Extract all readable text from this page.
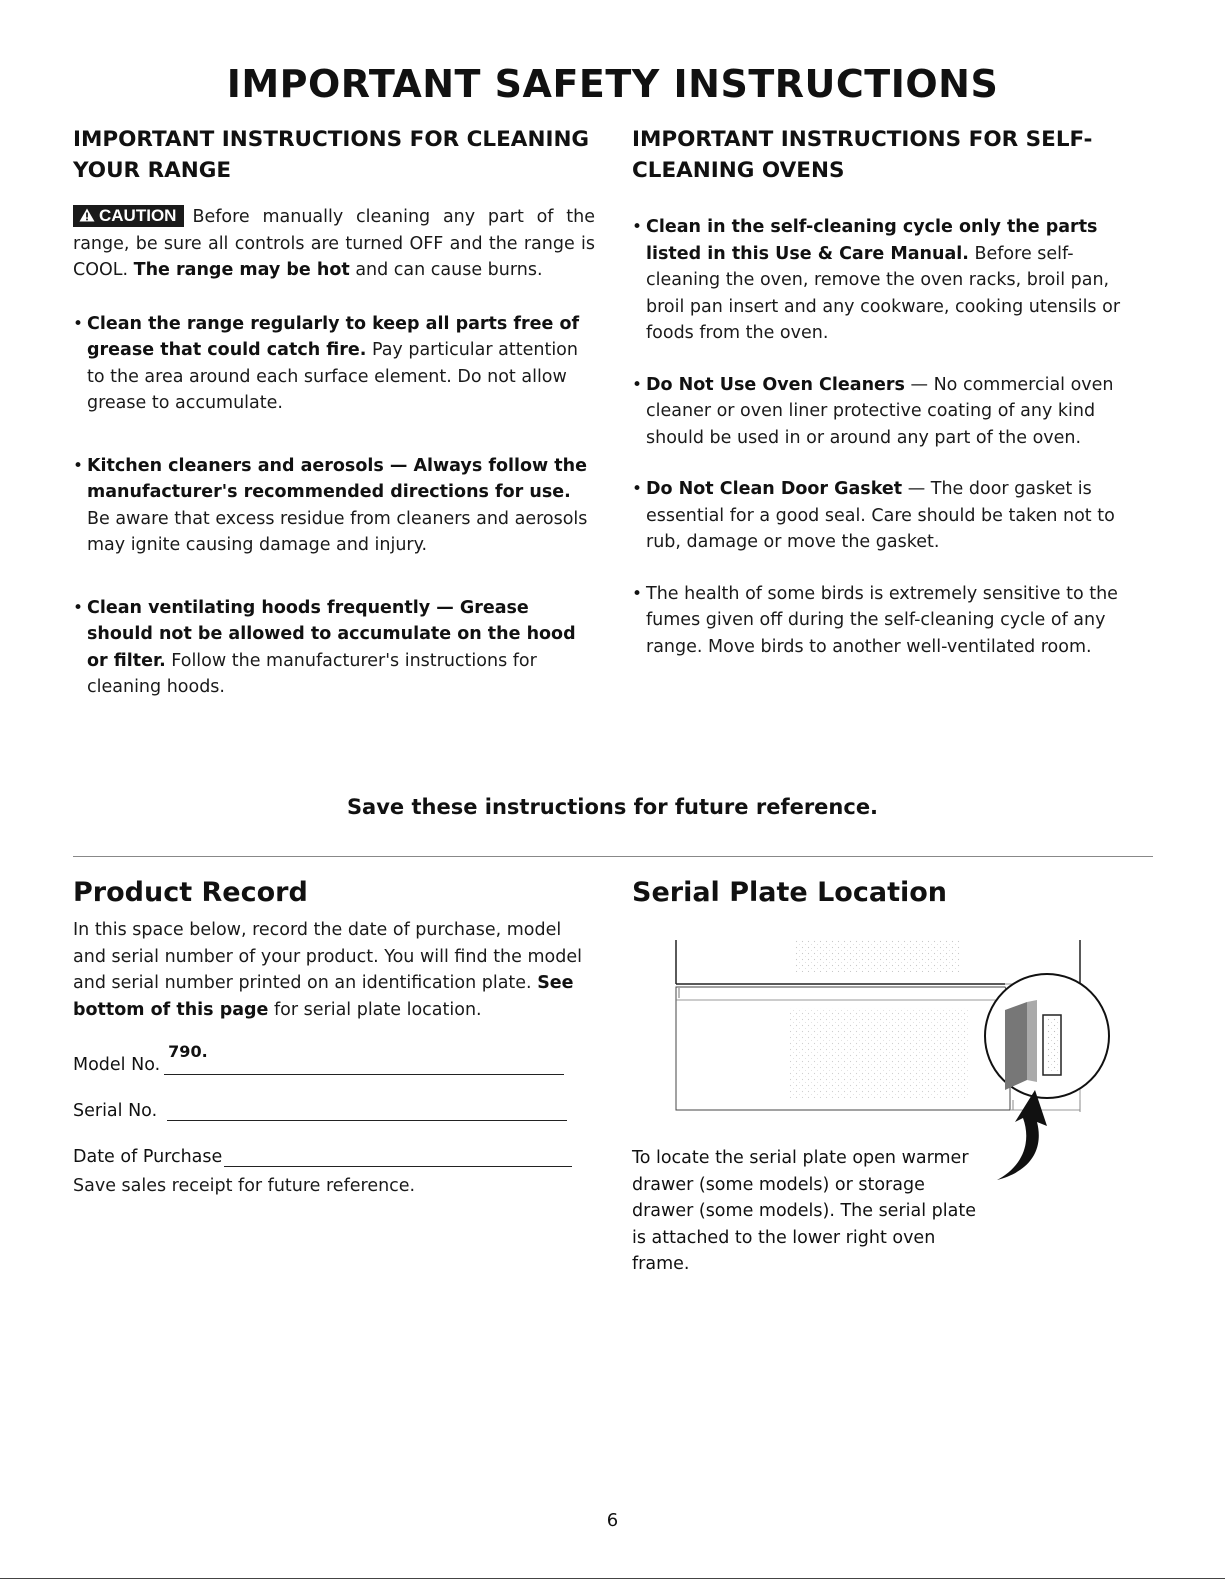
IMPORTANT SAFETY INSTRUCTIONS
IMPORTANT INSTRUCTIONS FOR CLEANING YOUR RANGE

CAUTION Before manually cleaning any part of the range, be sure all controls are turned OFF and the range is COOL. The range may be hot and can cause burns.

• Clean the range regularly to keep all parts free of grease that could catch fire. Pay particular attention to the area around each surface element. Do not allow grease to accumulate.

• Kitchen cleaners and aerosols — Always follow the manufacturer's recommended directions for use. Be aware that excess residue from cleaners and aerosols may ignite causing damage and injury.

• Clean ventilating hoods frequently — Grease should not be allowed to accumulate on the hood or filter. Follow the manufacturer's instructions for cleaning hoods.

IMPORTANT INSTRUCTIONS FOR SELF-CLEANING OVENS
• Clean in the self-cleaning cycle only the parts listed in this Use & Care Manual. Before self-cleaning the oven, remove the oven racks, broil pan, broil pan insert and any cookware, cooking utensils or foods from the oven.

• Do Not Use Oven Cleaners — No commercial oven cleaner or oven liner protective coating of any kind should be used in or around any part of the oven.

• Do Not Clean Door Gasket — The door gasket is essential for a good seal. Care should be taken not to rub, damage or move the gasket.

• The health of some birds is extremely sensitive to the fumes given off during the self-cleaning cycle of any range. Move birds to another well-ventilated room.

Save these instructions for future reference.

Product Record

In this space below, record the date of purchase, model and serial number of your product. You will find the model and serial number printed on an identification plate. See bottom of this page for serial plate location.

Model No.
790.
Serial No.
Date of Purchase

Save sales receipt for future reference.

Serial Plate Location

To locate the serial plate open warmer drawer (some models) or storage drawer (some models). The serial plate is attached to the lower right oven frame.

6
